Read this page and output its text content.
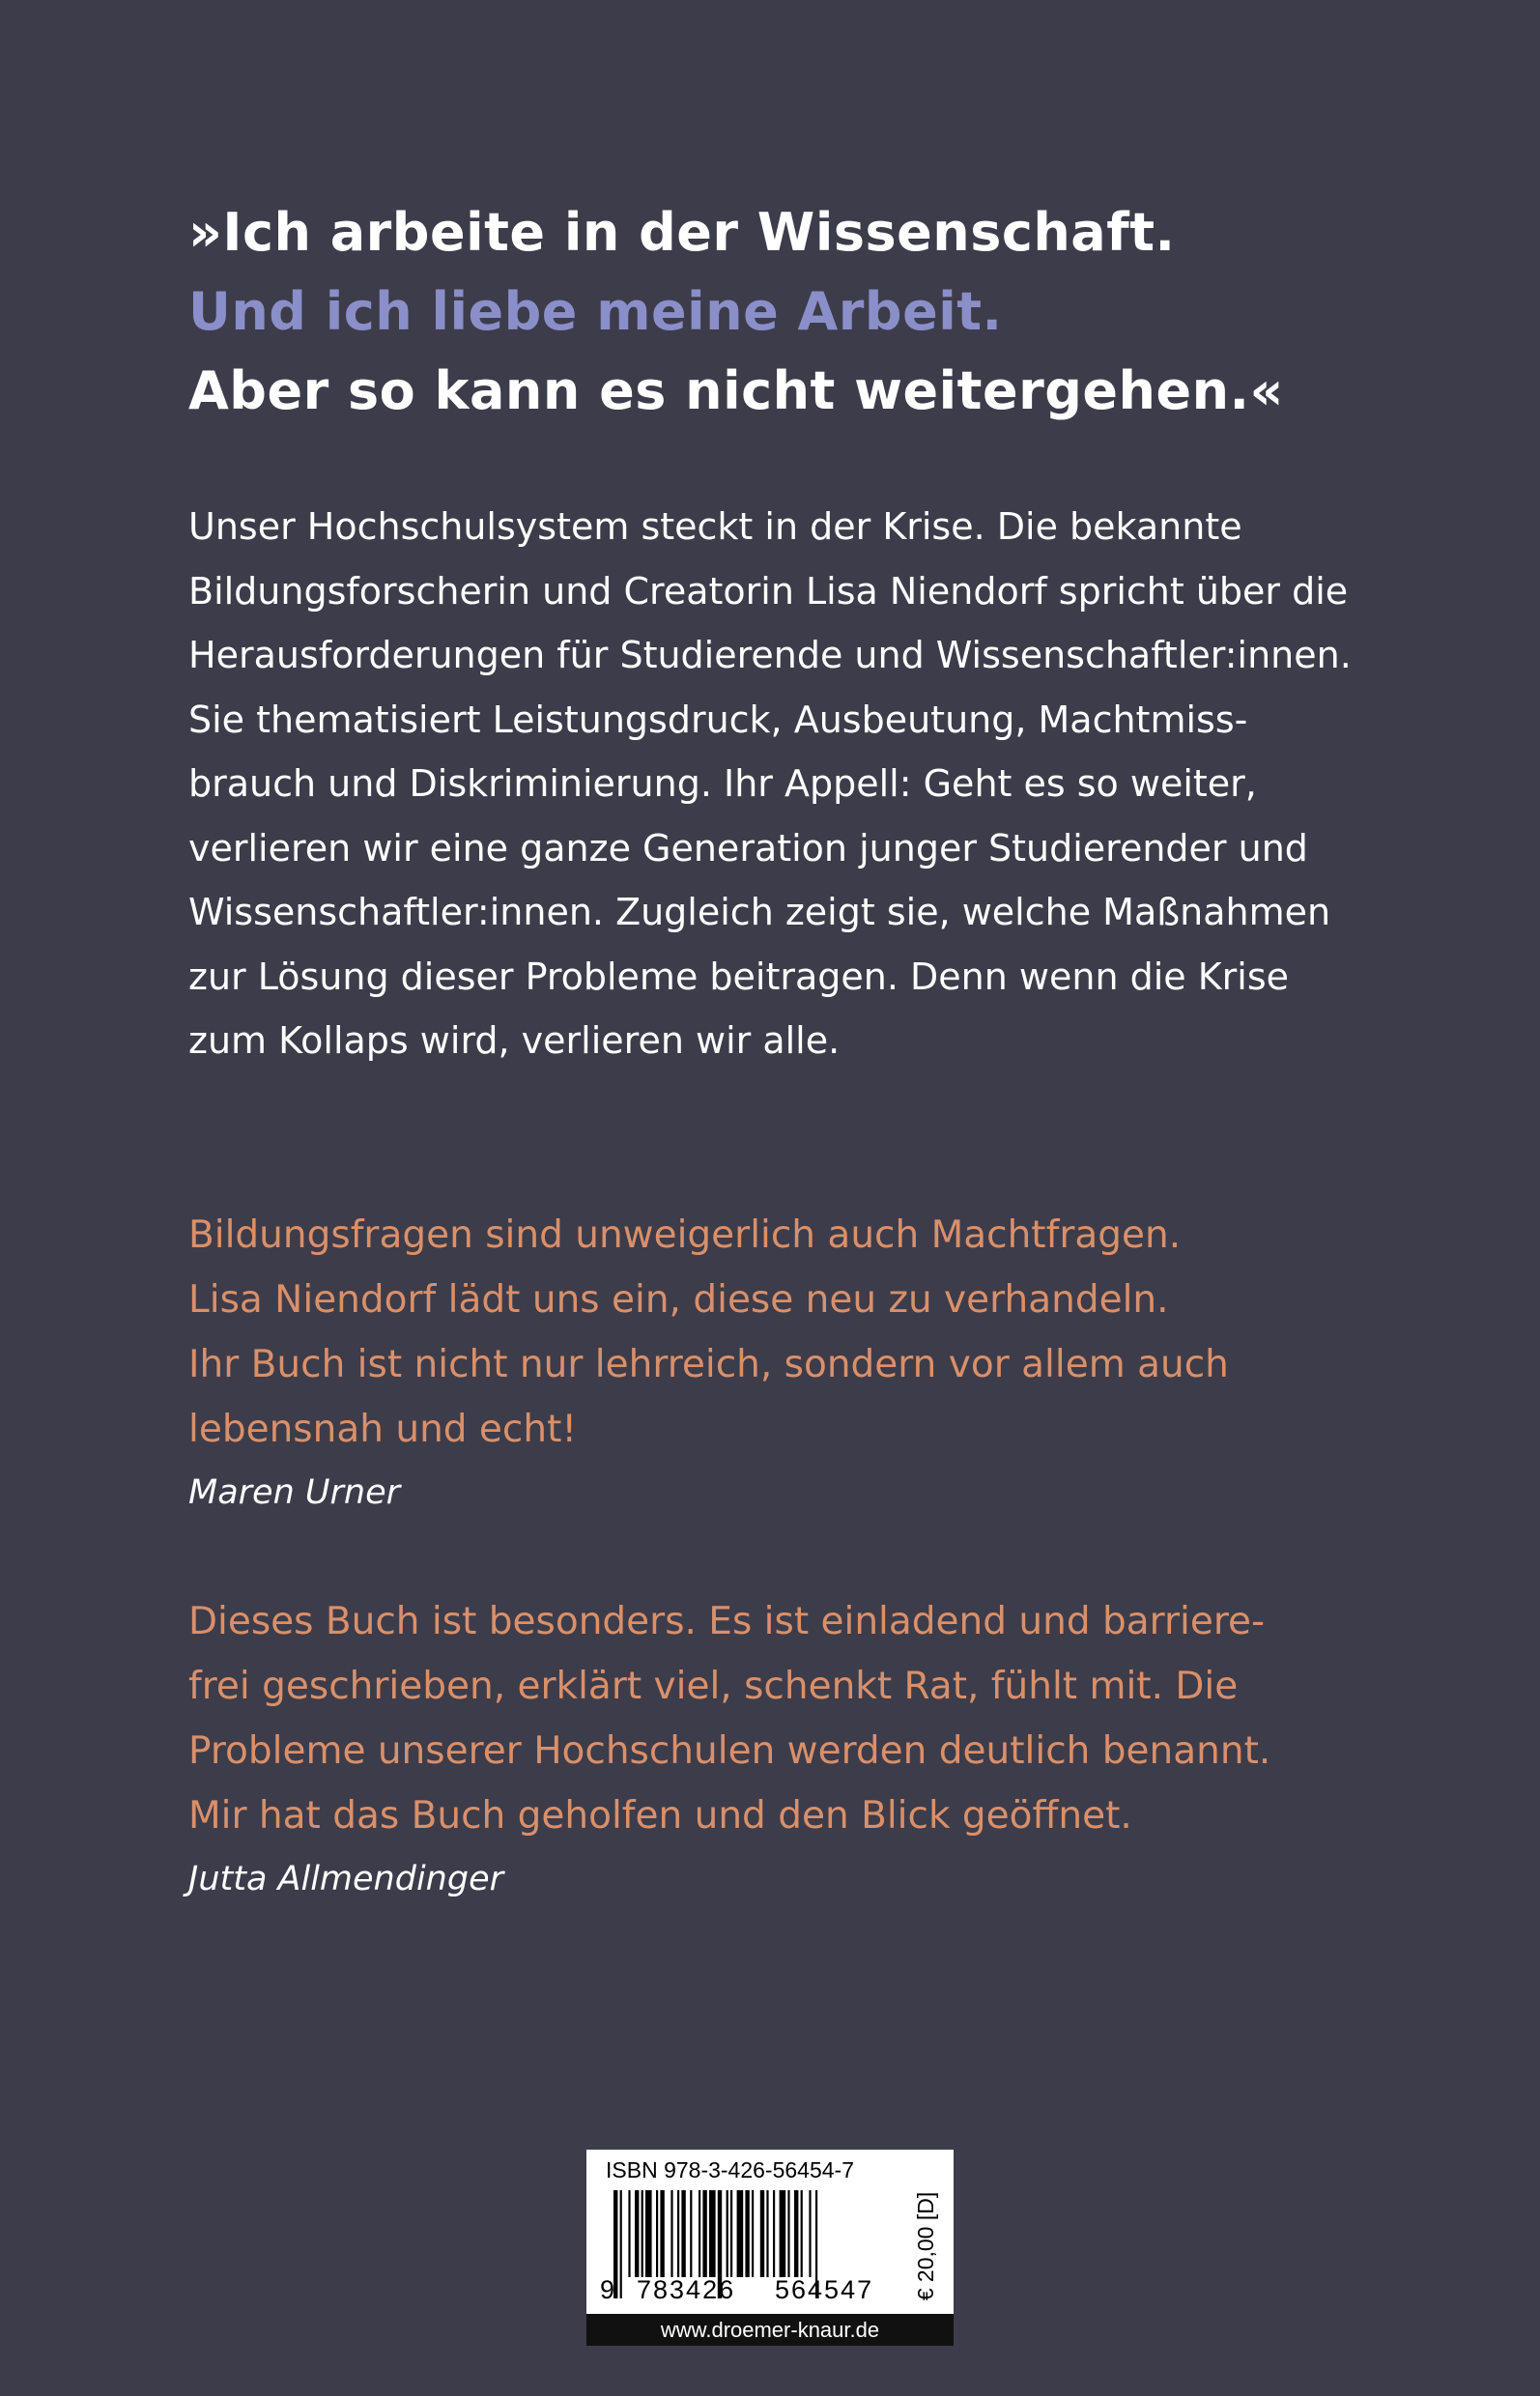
»Ich arbeite in der Wissenschaft.
Und ich liebe meine Arbeit.
Aber so kann es nicht weitergehen.«
Unser Hochschulsystem steckt in der Krise. Die bekannte
Bildungsforscherin und Creatorin Lisa Niendorf spricht über die
Herausforderungen für Studierende und Wissenschaftler:innen.
Sie thematisiert Leistungsdruck, Ausbeutung, Machtmiss-
brauch und Diskriminierung. Ihr Appell: Geht es so weiter,
verlieren wir eine ganze Generation junger Studierender und
Wissenschaftler:innen. Zugleich zeigt sie, welche Maßnahmen
zur Lösung dieser Probleme beitragen. Denn wenn die Krise
zum Kollaps wird, verlieren wir alle.
Bildungsfragen sind unweigerlich auch Machtfragen.
Lisa Niendorf lädt uns ein, diese neu zu verhandeln.
Ihr Buch ist nicht nur lehrreich, sondern vor allem auch
lebensnah und echt!
Maren Urner
Dieses Buch ist besonders. Es ist einladend und barriere-
frei geschrieben, erklärt viel, schenkt Rat, fühlt mit. Die
Probleme unserer Hochschulen werden deutlich benannt.
Mir hat das Buch geholfen und den Blick geöffnet.
Jutta Allmendinger
ISBN 978-3-426-56454-7
9 783426 564547 € 20,00 [D]
www.droemer-knaur.de
